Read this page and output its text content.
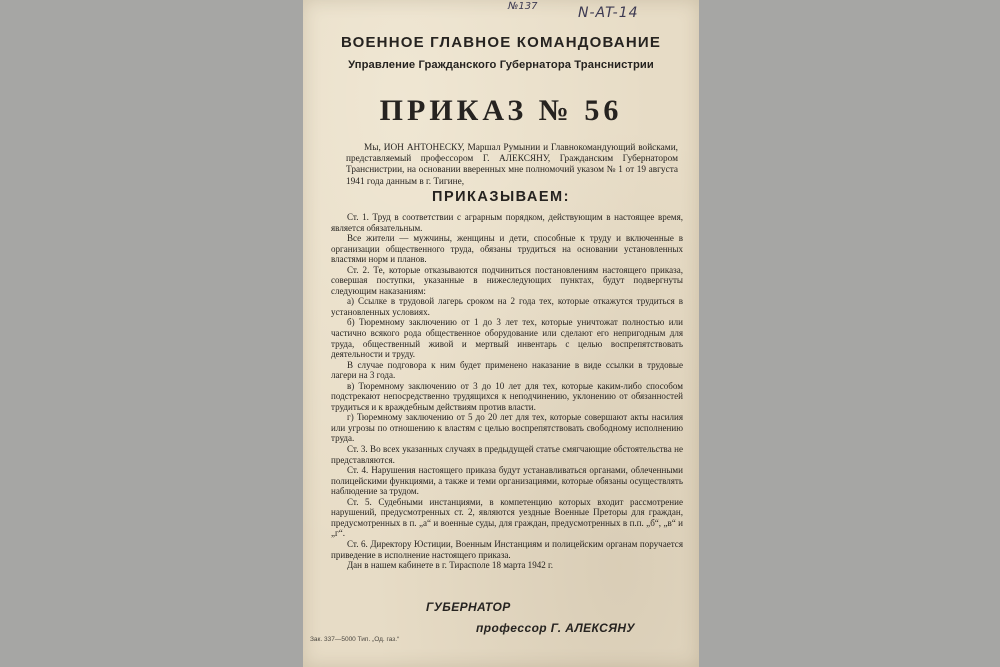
№137	N-AT-14
ВОЕННОЕ ГЛАВНОЕ КОМАНДОВАНИЕ
Управление Гражданского Губернатора Транснистрии
ПРИКАЗ № 56
Мы, ИОН АНТОНЕСКУ, Маршал Румынии и Главнокомандующий войсками, представляемый профессором Г. АЛЕКСЯНУ, Гражданским Губернатором Транснистрии, на основании вверенных мне полномочий указом № 1 от 19 августа 1941 года данным в г. Тигине,
ПРИКАЗЫВАЕМ:

Ст. 1. Труд в соответствии с аграрным порядком, действующим в настоящее время, является обязательным.

Все жители — мужчины, женщины и дети, способные к труду и включенные в организации общественного труда, обязаны трудиться на основании установленных властями норм и планов.

Ст. 2. Те, которые отказываются подчиниться постановлениям настоящего приказа, совершая поступки, указанные в нижеследующих пунктах, будут подвергнуты следующим наказаниям:

а) Ссылке в трудовой лагерь сроком на 2 года тех, которые откажутся трудиться в установленных условиях.

б) Тюремному заключению от 1 до 3 лет тех, которые уничтожат полностью или частично всякого рода общественное оборудование или сделают его непригодным для труда, общественный живой и мертвый инвентарь с целью воспрепятствовать деятельности и труду.

В случае подговора к ним будет применено наказание в виде ссылки в трудовые лагери на 3 года.

в) Тюремному заключению от 3 до 10 лет для тех, которые каким-либо способом подстрекают непосредственно трудящихся к неподчинению, уклонению от обязанностей трудиться и к враждебным действиям против власти.

г) Тюремному заключению от 5 до 20 лет для тех, которые совершают акты насилия или угрозы по отношению к властям с целью воспрепятствовать свободному исполнению труда.

Ст. 3. Во всех указанных случаях в предыдущей статье смягчающие обстоятельства не представляются.

Ст. 4. Нарушения настоящего приказа будут устанавливаться органами, облеченными полицейскими функциями, а также и теми организациями, которые обязаны осуществлять наблюдение за трудом.

Ст. 5. Судебными инстанциями, в компетенцию которых входит рассмотрение нарушений, предусмотренных ст. 2, являются уездные Военные Преторы для граждан, предусмотренных в п. „а“ и военные суды, для граждан, предусмотренных в п.п. „б“, „в“ и „г“.

Ст. 6. Директору Юстиции, Военным Инстанциям и полицейским органам поручается приведение в исполнение настоящего приказа.

Дан в нашем кабинете в г. Тирасполе 18 марта 1942 г.

ГУБЕРНАТОР
профессор Г. АЛЕКСЯНУ
Зак. 337—5000 Тип. „Од. газ.“
